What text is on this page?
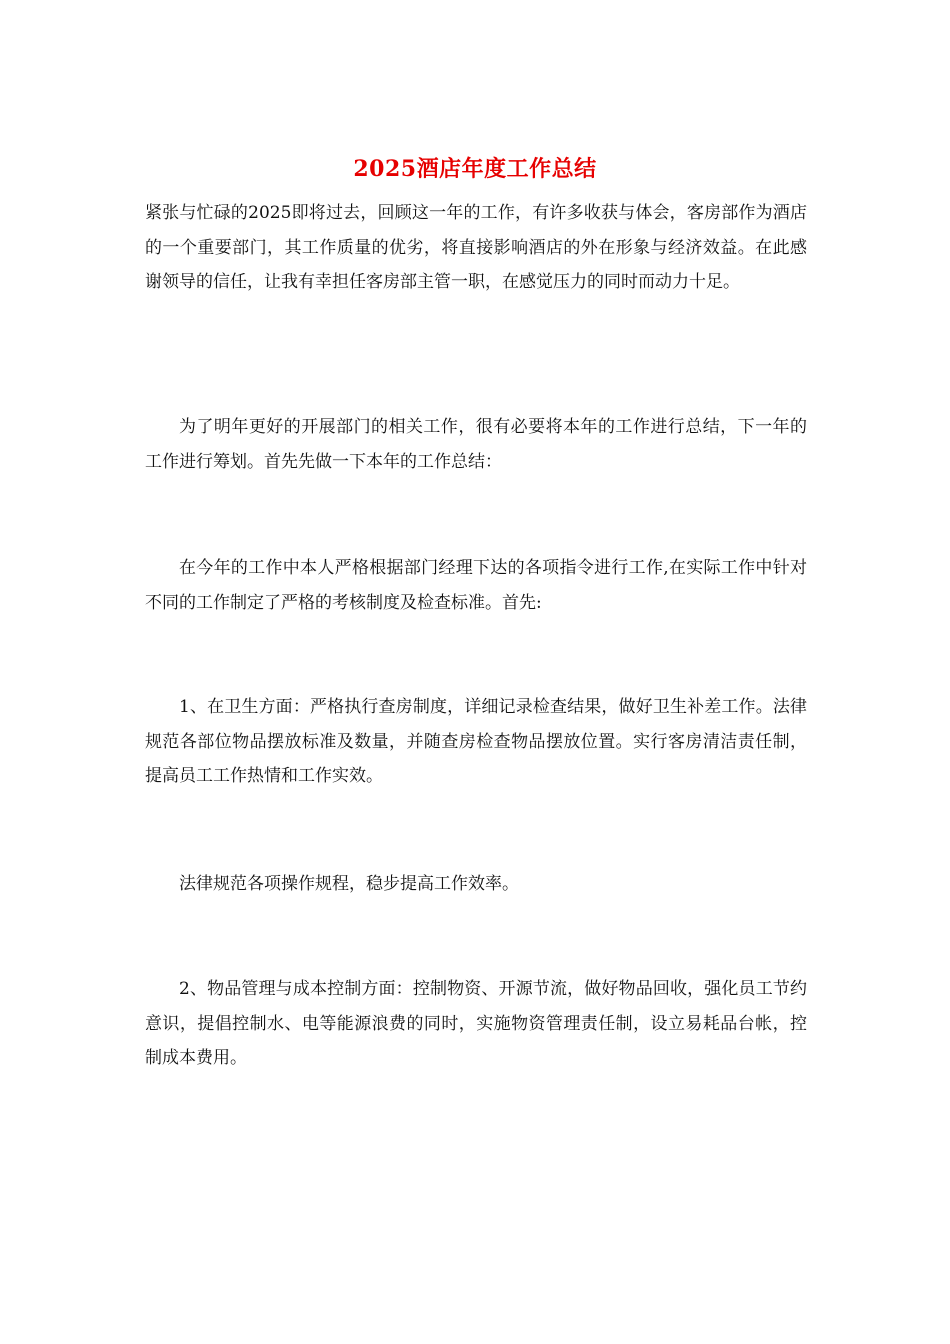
2025酒店年度工作总结

紧张与忙碌的2025即将过去，回顾这一年的工作，有许多收获与体会，客房部作为酒店的一个重要部门，其工作质量的优劣，将直接影响酒店的外在形象与经济效益。在此感谢领导的信任，让我有幸担任客房部主管一职，在感觉压力的同时而动力十足。

为了明年更好的开展部门的相关工作，很有必要将本年的工作进行总结，下一年的工作进行筹划。首先先做一下本年的工作总结：

在今年的工作中本人严格根据部门经理下达的各项指令进行工作,在实际工作中针对不同的工作制定了严格的考核制度及检查标准。首先:

1、在卫生方面：严格执行查房制度，详细记录检查结果，做好卫生补差工作。法律规范各部位物品摆放标准及数量，并随查房检查物品摆放位置。实行客房清洁责任制，提高员工工作热情和工作实效。

法律规范各项操作规程，稳步提高工作效率。

2、物品管理与成本控制方面：控制物资、开源节流，做好物品回收，强化员工节约意识，提倡控制水、电等能源浪费的同时，实施物资管理责任制，设立易耗品台帐，控制成本费用。
